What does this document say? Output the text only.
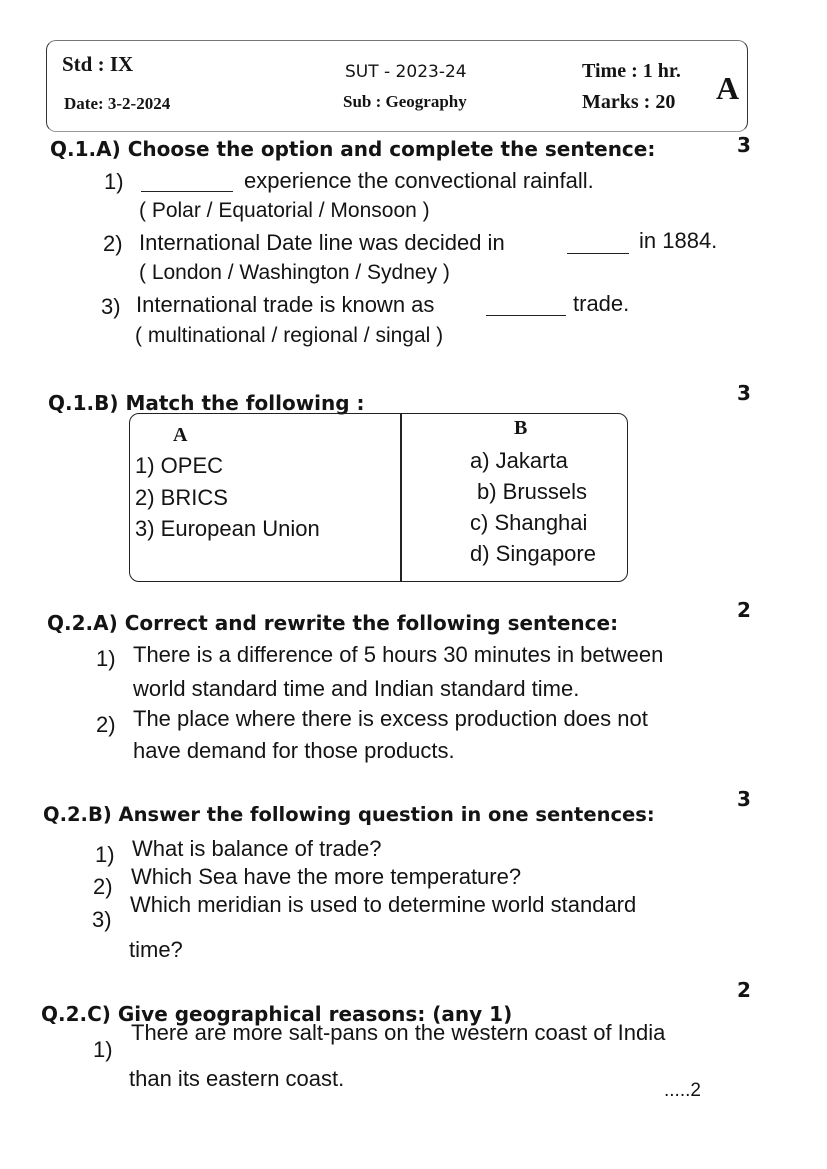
Std : IX
Date: 3-2-2024
SUT - 2023-24
Sub : Geography
Time : 1 hr.
Marks : 20 A
Q.1.A) Choose the option and complete the sentence:	3
1)	experience the convectional rainfall.
( Polar / Equatorial / Monsoon )
2) International Date line was decided in	in 1884.
( London / Washington / Sydney )
3) International trade is known as	trade.
( multinational / regional / singal )
Q.1.B) Match the following :	3
A	B
1) OPEC
2) BRICS
3) European Union
a) Jakarta
b) Brussels
c) Shanghai
d) Singapore
Q.2.A) Correct and rewrite the following sentence:
2
1) There is a difference of 5 hours 30 minutes in between
world standard time and Indian standard time.
2) The place where there is excess production does not
have demand for those products.
Q.2.B) Answer the following question in one sentences:
3
1) What is balance of trade?
2) Which Sea have the more temperature?
3)
Which meridian is used to determine world standard
time?
Q.2.C) Give geographical reasons: (any 1)
2
1)
There are more salt-pans on the western coast of India
than its eastern coast.	.....2
